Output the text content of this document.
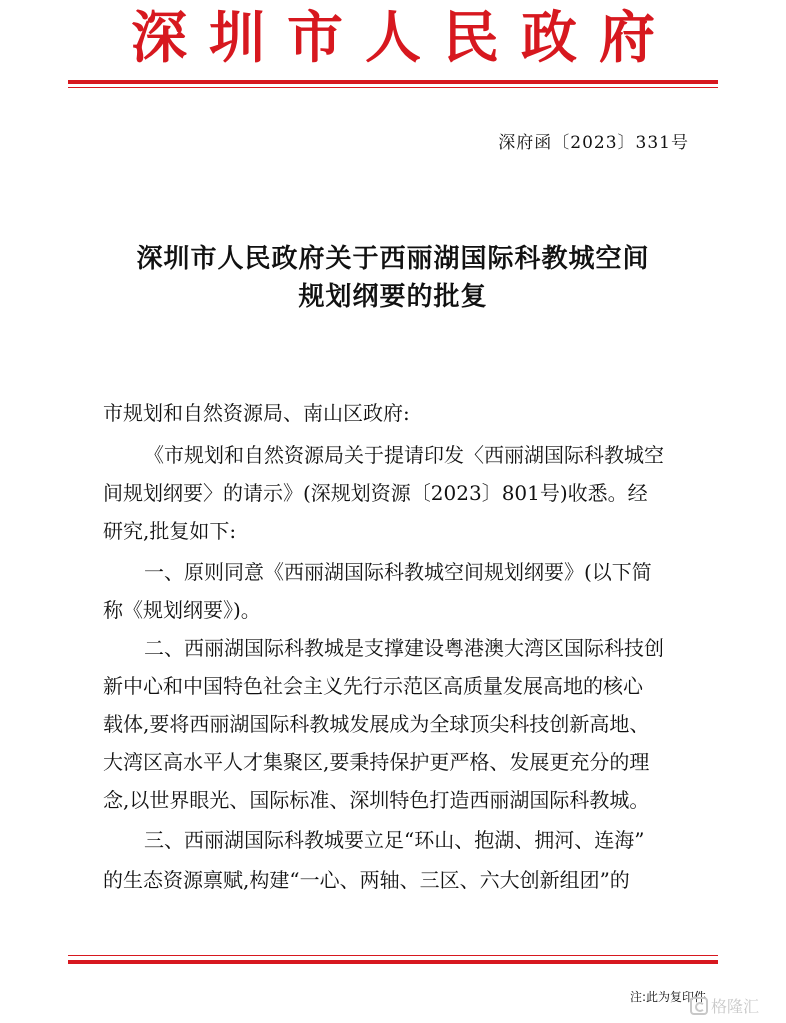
深圳市人民政府
深府函〔2023〕331号
深圳市人民政府关于西丽湖国际科教城空间
规划纲要的批复
市规划和自然资源局、南山区政府:
《市规划和自然资源局关于提请印发〈西丽湖国际科教城空
间规划纲要〉的请示》(深规划资源〔2023〕801号)收悉。经
研究,批复如下:
一、原则同意《西丽湖国际科教城空间规划纲要》(以下简
称《规划纲要》)。
二、西丽湖国际科教城是支撑建设粤港澳大湾区国际科技创
新中心和中国特色社会主义先行示范区高质量发展高地的核心
载体,要将西丽湖国际科教城发展成为全球顶尖科技创新高地、
大湾区高水平人才集聚区,要秉持保护更严格、发展更充分的理
念,以世界眼光、国际标准、深圳特色打造西丽湖国际科教城。
三、西丽湖国际科教城要立足“环山、抱湖、拥河、连海”
的生态资源禀赋,构建“一心、两轴、三区、六大创新组团”的
注:此为复印件 格隆汇
